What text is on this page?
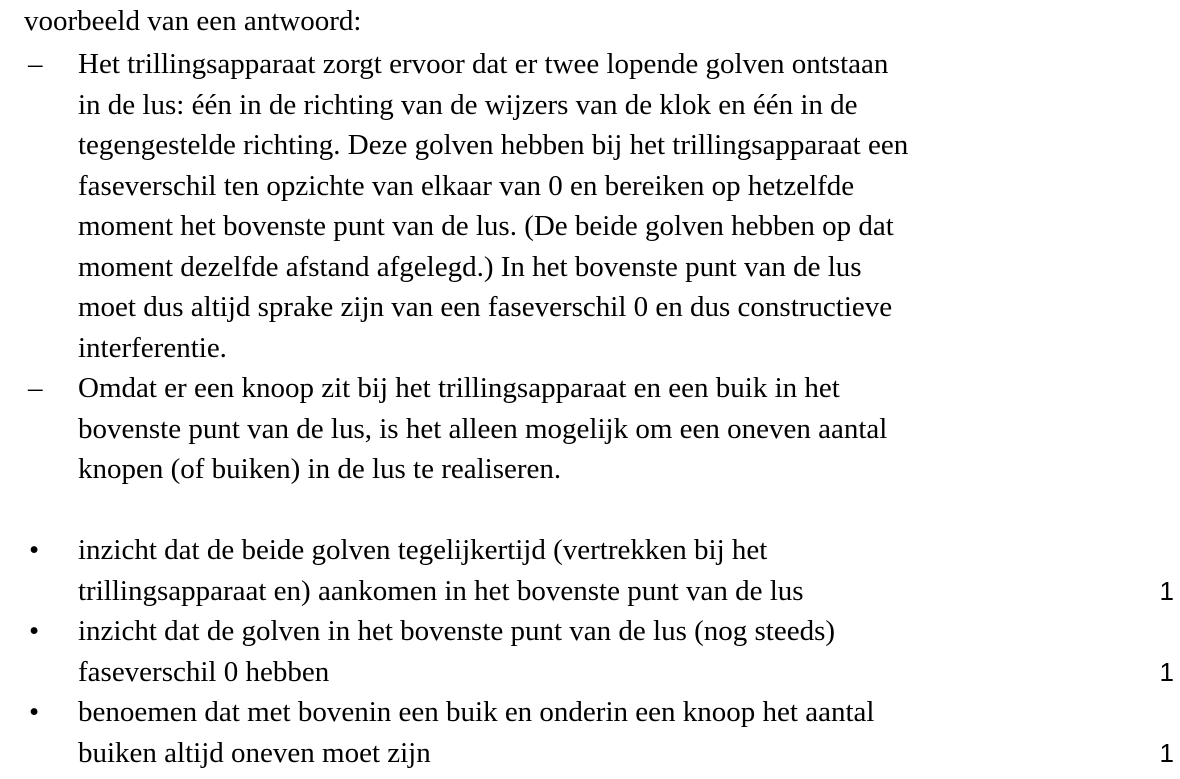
voorbeeld van een antwoord:
–	Het trillingsapparaat zorgt ervoor dat er twee lopende golven ontstaan
in de lus: één in de richting van de wijzers van de klok en één in de
tegengestelde richting. Deze golven hebben bij het trillingsapparaat een
faseverschil ten opzichte van elkaar van 0 en bereiken op hetzelfde
moment het bovenste punt van de lus. (De beide golven hebben op dat
moment dezelfde afstand afgelegd.) In het bovenste punt van de lus
moet dus altijd sprake zijn van een faseverschil 0 en dus constructieve
interferentie.
–	Omdat er een knoop zit bij het trillingsapparaat en een buik in het
bovenste punt van de lus, is het alleen mogelijk om een oneven aantal
knopen (of buiken) in de lus te realiseren.
•	inzicht dat de beide golven tegelijkertijd (vertrekken bij het
trillingsapparaat en) aankomen in het bovenste punt van de lus	1
•	inzicht dat de golven in het bovenste punt van de lus (nog steeds)
faseverschil 0 hebben	1
•	benoemen dat met bovenin een buik en onderin een knoop het aantal
buiken altijd oneven moet zijn	1
